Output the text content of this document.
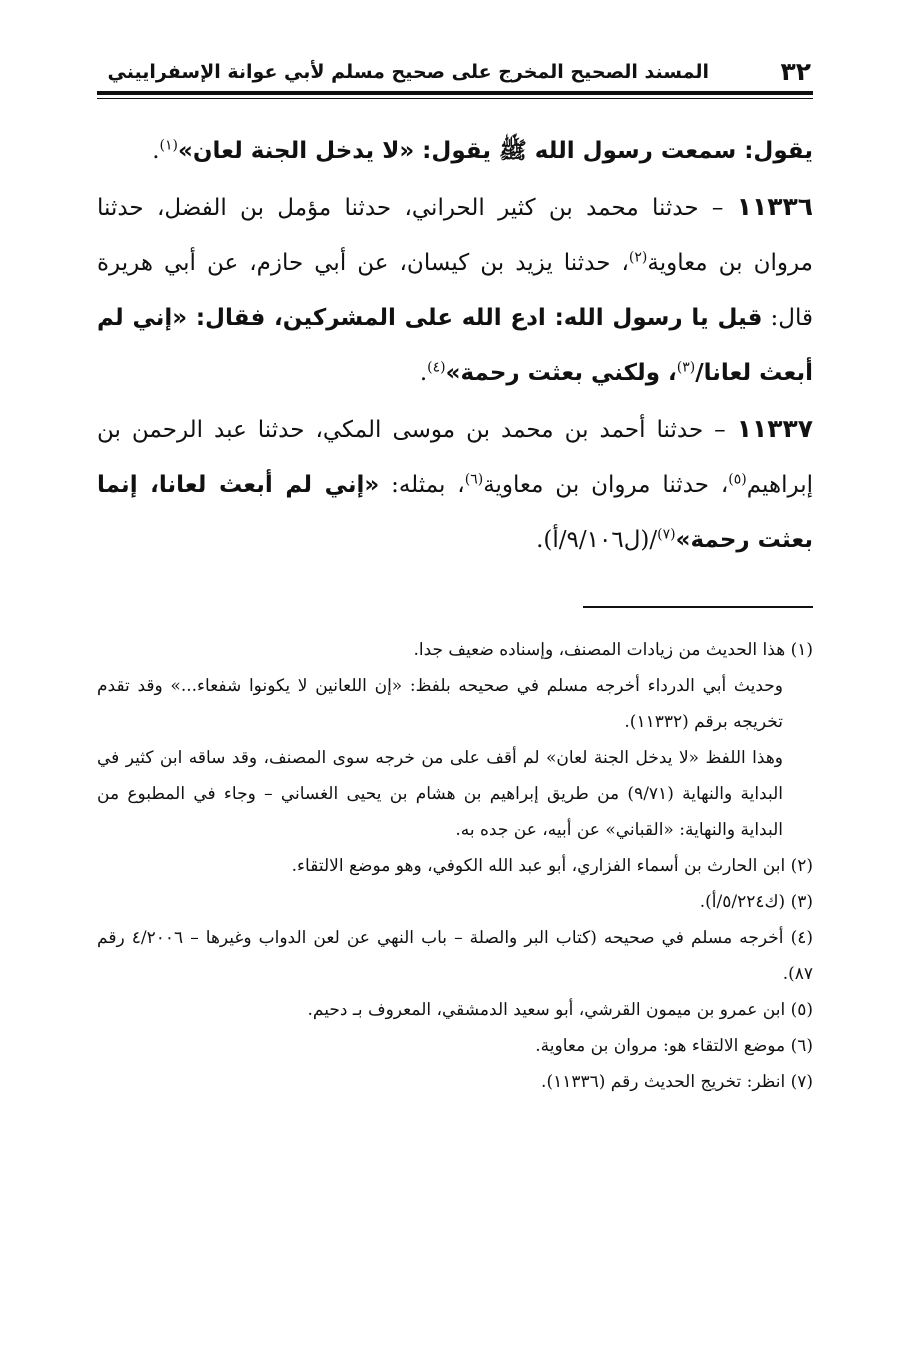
٣٢
المسند الصحيح المخرج على صحيح مسلم لأبي عوانة الإسفراييني

يقول: سمعت رسول الله ﷺ يقول: «لا يدخل الجنة لعان»$^{(١)}$.

١١٣٣٦ – حدثنا محمد بن كثير الحراني، حدثنا مؤمل بن الفضل، حدثنا مروان بن معاوية$^{(٢)}$، حدثنا يزيد بن كيسان، عن أبي حازم، عن أبي هريرة قال: قيل يا رسول الله: ادع الله على المشركين، فقال: «إني لم أبعث لعانا/$^{(٣)}$، ولكني بعثت رحمة»$^{(٤)}$.

١١٣٣٧ – حدثنا أحمد بن محمد بن موسى المكي، حدثنا عبد الرحمن بن إبراهيم$^{(٥)}$، حدثنا مروان بن معاوية$^{(٦)}$، بمثله: «إني لم أبعث لعانا، إنما بعثت رحمة»$^{(٧)}$/(ل٩/١٠٦/أ).

(١) هذا الحديث من زيادات المصنف، وإسناده ضعيف جدا.

وحديث أبي الدرداء أخرجه مسلم في صحيحه بلفظ: «إن اللعانين لا يكونوا شفعاء...» وقد تقدم تخريجه برقم (١١٣٣٢).

وهذا اللفظ «لا يدخل الجنة لعان» لم أقف على من خرجه سوى المصنف، وقد ساقه ابن كثير في البداية والنهاية (٩/٧١) من طريق إبراهيم بن هشام بن يحيى الغساني – وجاء في المطبوع من البداية والنهاية: «القباني» عن أبيه، عن جده به.

(٢) ابن الحارث بن أسماء الفزاري، أبو عبد الله الكوفي، وهو موضع الالتقاء.

(٣) (ك٥/٢٢٤/أ).

(٤) أخرجه مسلم في صحيحه (كتاب البر والصلة – باب النهي عن لعن الدواب وغيرها – ٤/٢٠٠٦ رقم ٨٧).

(٥) ابن عمرو بن ميمون القرشي، أبو سعيد الدمشقي، المعروف بـ دحيم.

(٦) موضع الالتقاء هو: مروان بن معاوية.

(٧) انظر: تخريج الحديث رقم (١١٣٣٦).
